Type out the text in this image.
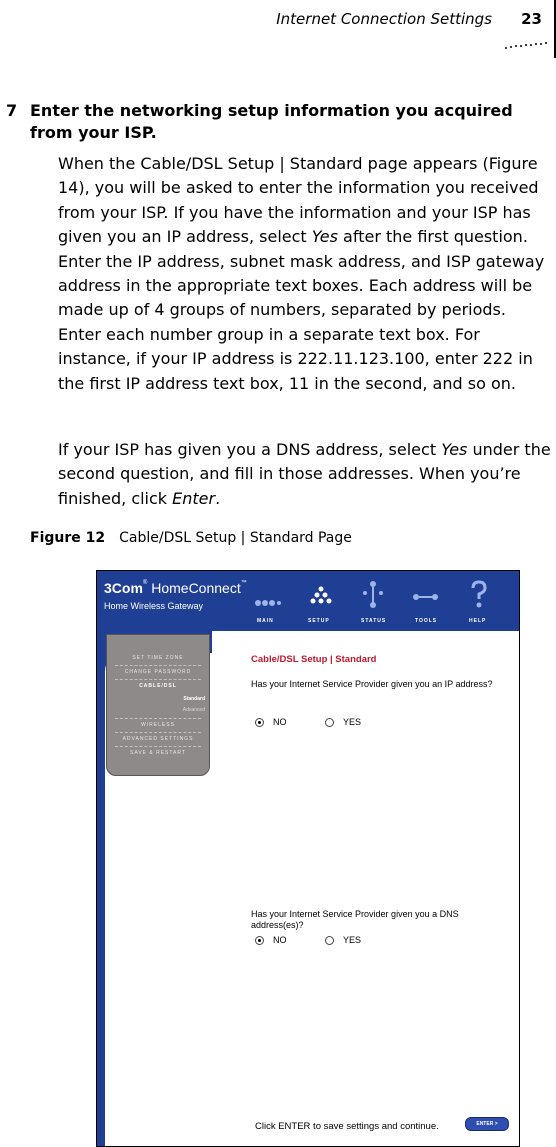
Internet Connection Settings 23
7 Enter the networking setup information you acquired from your ISP.
When the Cable/DSL Setup | Standard page appears (Figure 14), you will be asked to enter the information you received from your ISP. If you have the information and your ISP has given you an IP address, select Yes after the first question. Enter the IP address, subnet mask address, and ISP gateway address in the appropriate text boxes. Each address will be made up of 4 groups of numbers, separated by periods. Enter each number group in a separate text box. For instance, if your IP address is 222.11.123.100, enter 222 in the first IP address text box, 11 in the second, and so on.
If your ISP has given you a DNS address, select Yes under the second question, and fill in those addresses. When you’re finished, click Enter.
Figure 12 Cable/DSL Setup | Standard Page
3Com® HomeConnect™
Home Wireless Gateway
MAIN	SETUP	STATUS	TOOLS	HELP
SET TIME ZONE
CHANGE PASSWORD
CABLE/DSL
Standard
Advanced
WIRELESS
ADVANCED SETTINGS
SAVE & RESTART
Cable/DSL Setup | Standard
Has your Internet Service Provider given you an IP address?
NO	YES
Has your Internet Service Provider given you a DNS address(es)?
NO	YES
Click ENTER to save settings and continue.	ENTER >
